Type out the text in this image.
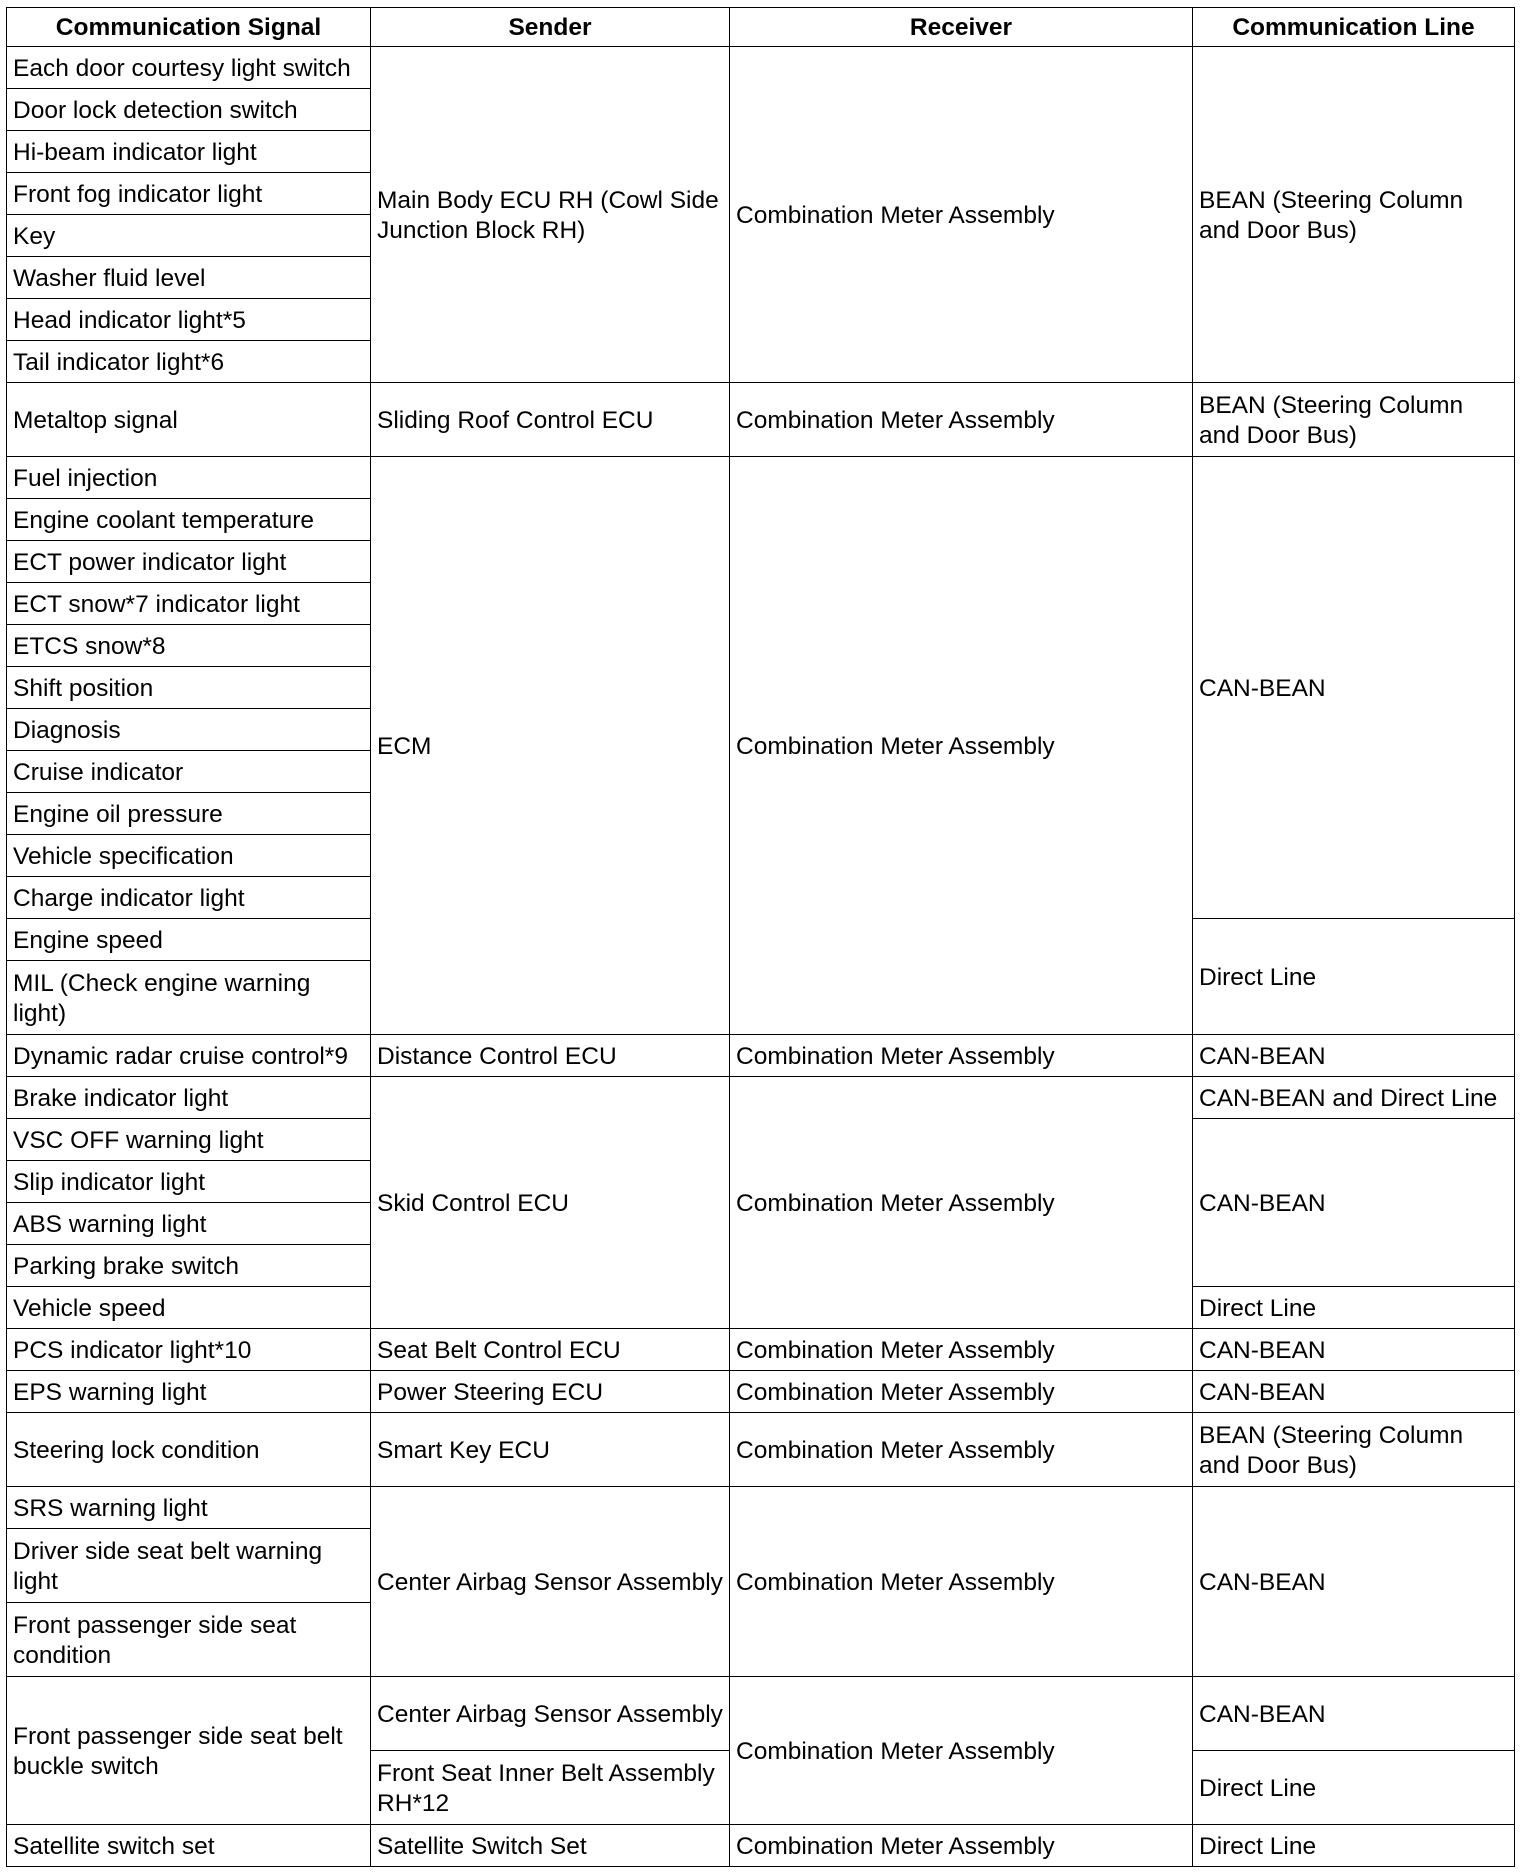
Communication Signal	Sender	Receiver	Communication Line
Each door courtesy light switch	Main Body ECU RH (Cowl Side Junction Block RH)	Combination Meter Assembly	BEAN (Steering Column and Door Bus)
Door lock detection switch			
Hi-beam indicator light			
Front fog indicator light			
Key			
Washer fluid level			
Head indicator light*5			
Tail indicator light*6			
Metaltop signal	Sliding Roof Control ECU	Combination Meter Assembly	BEAN (Steering Column and Door Bus)
Fuel injection	ECM	Combination Meter Assembly	CAN-BEAN
Engine coolant temperature			
ECT power indicator light			
ECT snow*7 indicator light			
ETCS snow*8			
Shift position			
Diagnosis			
Cruise indicator			
Engine oil pressure			
Vehicle specification			
Charge indicator light			
Engine speed			Direct Line
MIL (Check engine warning light)			
Dynamic radar cruise control*9	Distance Control ECU	Combination Meter Assembly	CAN-BEAN
Brake indicator light	Skid Control ECU	Combination Meter Assembly	CAN-BEAN and Direct Line
VSC OFF warning light			CAN-BEAN
Slip indicator light			
ABS warning light			
Parking brake switch			
Vehicle speed			Direct Line
PCS indicator light*10	Seat Belt Control ECU	Combination Meter Assembly	CAN-BEAN
EPS warning light	Power Steering ECU	Combination Meter Assembly	CAN-BEAN
Steering lock condition	Smart Key ECU	Combination Meter Assembly	BEAN (Steering Column and Door Bus)
SRS warning light	Center Airbag Sensor Assembly	Combination Meter Assembly	CAN-BEAN
Driver side seat belt warning light			
Front passenger side seat condition			
Front passenger side seat belt buckle switch	Center Airbag Sensor Assembly	Combination Meter Assembly	CAN-BEAN
	Front Seat Inner Belt Assembly RH*12		Direct Line
Satellite switch set	Satellite Switch Set	Combination Meter Assembly	Direct Line
